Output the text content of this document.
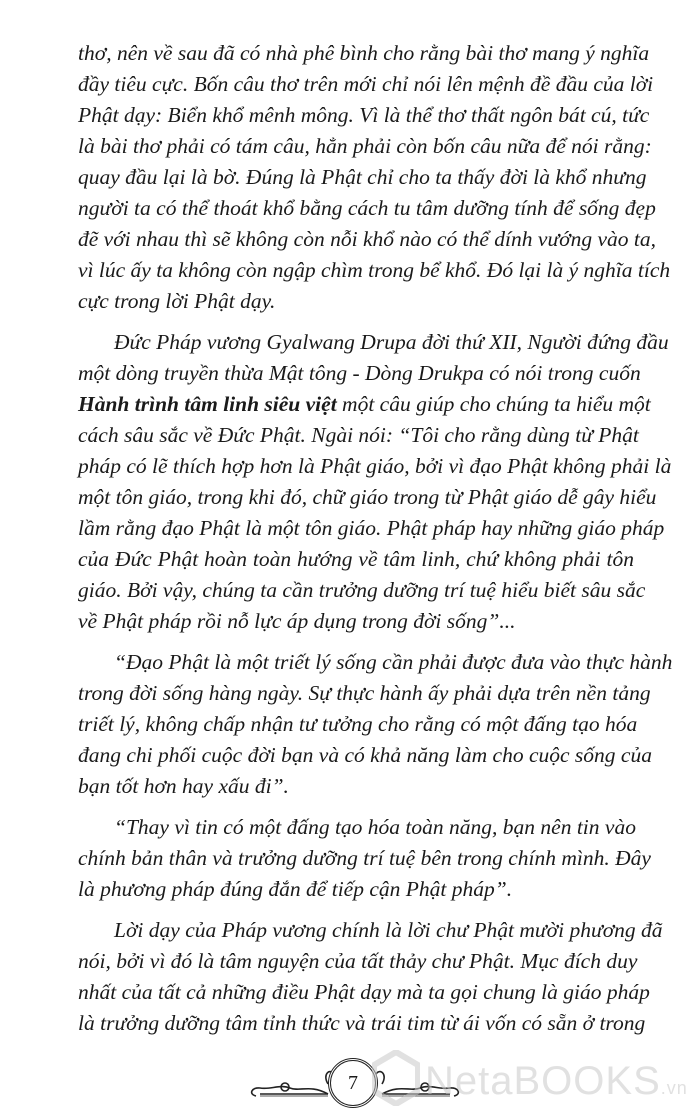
thơ, nên về sau đã có nhà phê bình cho rằng bài thơ mang ý nghĩa
đầy tiêu cực. Bốn câu thơ trên mới chỉ nói lên mệnh đề đầu của lời
Phật dạy: Biển khổ mênh mông. Vì là thể thơ thất ngôn bát cú, tức
là bài thơ phải có tám câu, hẳn phải còn bốn câu nữa để nói rằng:
quay đầu lại là bờ. Đúng là Phật chỉ cho ta thấy đời là khổ nhưng
người ta có thể thoát khổ bằng cách tu tâm dưỡng tính để sống đẹp
đẽ với nhau thì sẽ không còn nỗi khổ nào có thể dính vướng vào ta,
vì lúc ấy ta không còn ngập chìm trong bể khổ. Đó lại là ý nghĩa tích
cực trong lời Phật dạy.
Đức Pháp vương Gyalwang Drupa đời thứ XII, Người đứng đầu
một dòng truyền thừa Mật tông - Dòng Drukpa có nói trong cuốn
Hành trình tâm linh siêu việt một câu giúp cho chúng ta hiểu một
cách sâu sắc về Đức Phật. Ngài nói: “Tôi cho rằng dùng từ Phật
pháp có lẽ thích hợp hơn là Phật giáo, bởi vì đạo Phật không phải là
một tôn giáo, trong khi đó, chữ giáo trong từ Phật giáo dễ gây hiểu
lầm rằng đạo Phật là một tôn giáo. Phật pháp hay những giáo pháp
của Đức Phật hoàn toàn hướng về tâm linh, chứ không phải tôn
giáo. Bởi vậy, chúng ta cần trưởng dưỡng trí tuệ hiểu biết sâu sắc
về Phật pháp rồi nỗ lực áp dụng trong đời sống”...
“Đạo Phật là một triết lý sống cần phải được đưa vào thực hành
trong đời sống hàng ngày. Sự thực hành ấy phải dựa trên nền tảng
triết lý, không chấp nhận tư tưởng cho rằng có một đấng tạo hóa
đang chi phối cuộc đời bạn và có khả năng làm cho cuộc sống của
bạn tốt hơn hay xấu đi”.
“Thay vì tin có một đấng tạo hóa toàn năng, bạn nên tin vào
chính bản thân và trưởng dưỡng trí tuệ bên trong chính mình. Đây
là phương pháp đúng đắn để tiếp cận Phật pháp”.
Lời dạy của Pháp vương chính là lời chư Phật mười phương đã
nói, bởi vì đó là tâm nguyện của tất thảy chư Phật. Mục đích duy
nhất của tất cả những điều Phật dạy mà ta gọi chung là giáo pháp
là trưởng dưỡng tâm tỉnh thức và trái tim từ ái vốn có sẵn ở trong
7	NetaBOOKS.vn
